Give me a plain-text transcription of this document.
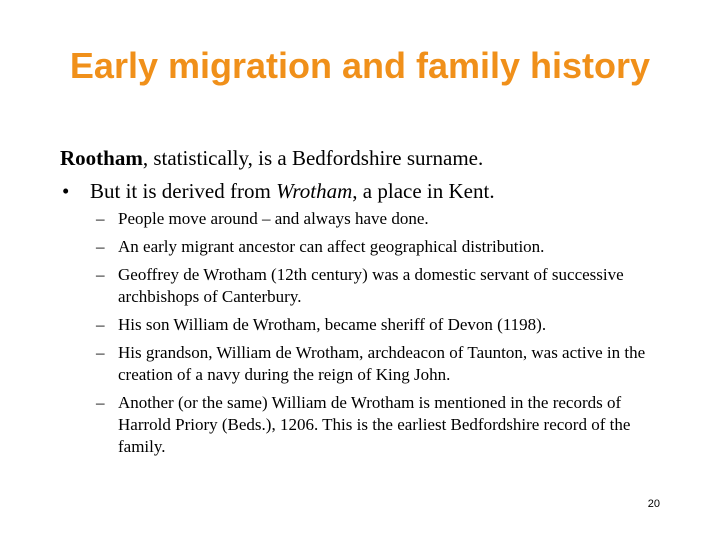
Early migration and family history
Rootham, statistically, is a Bedfordshire surname.
• But it is derived from Wrotham, a place in Kent.
– People move around – and always have done.
– An early migrant ancestor can affect geographical distribution.
– Geoffrey de Wrotham (12th century) was a domestic servant of successive archbishops of Canterbury.
– His son William de Wrotham, became sheriff of Devon (1198).
– His grandson, William de Wrotham, archdeacon of Taunton, was active in the creation of a navy during the reign of King John.
– Another (or the same) William de Wrotham is mentioned in the records of Harrold Priory (Beds.), 1206. This is the earliest Bedfordshire record of the family.
20
